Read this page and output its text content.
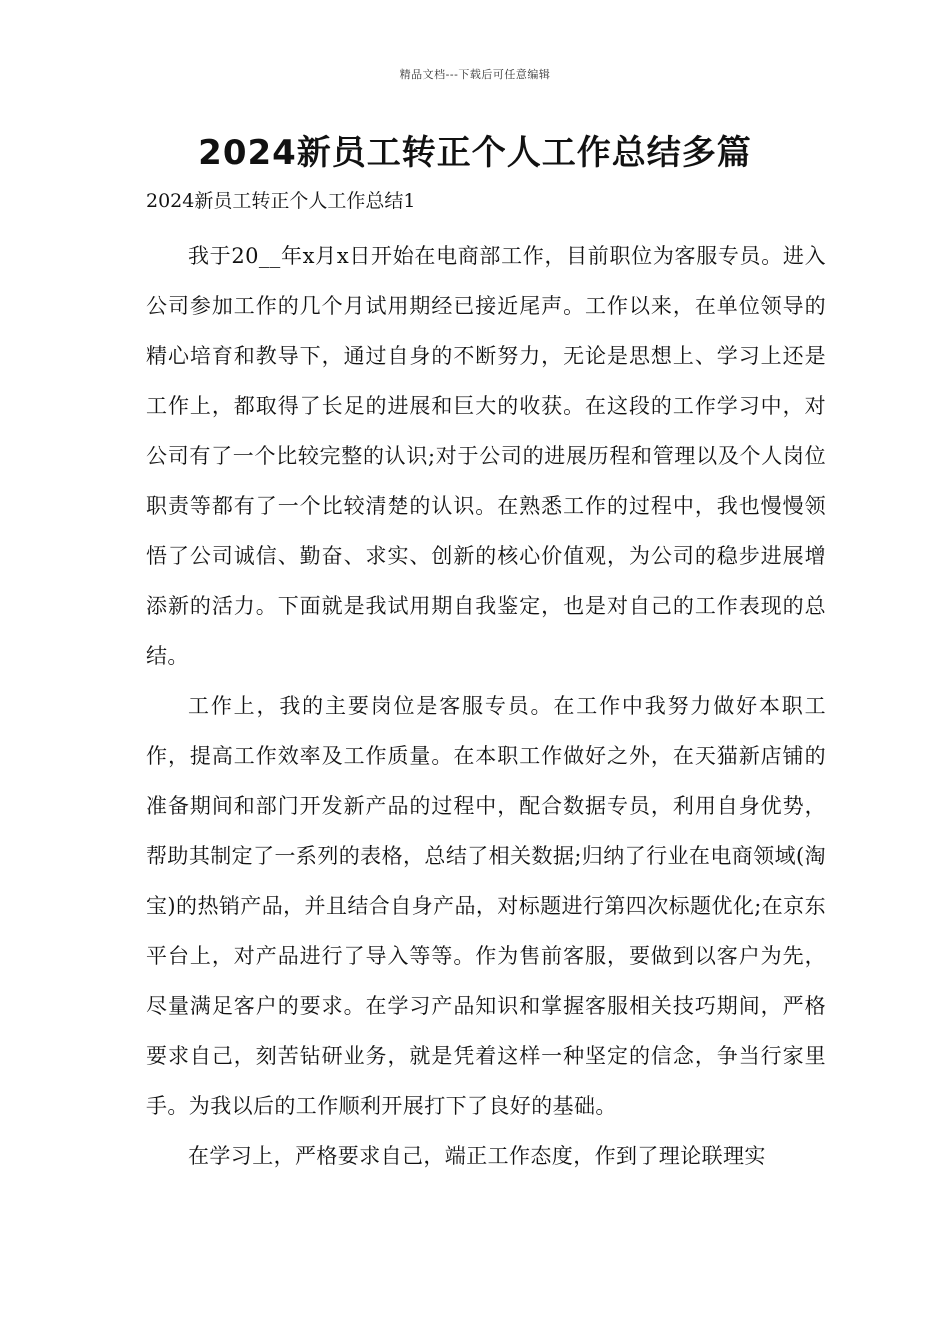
精品文档---下载后可任意编辑
2024新员工转正个人工作总结多篇

2024新员工转正个人工作总结1

我于20__年x月x日开始在电商部工作，目前职位为客服专员。进入公司参加工作的几个月试用期经已接近尾声。工作以来，在单位领导的精心培育和教导下，通过自身的不断努力，无论是思想上、学习上还是工作上，都取得了长足的进展和巨大的收获。在这段的工作学习中，对公司有了一个比较完整的认识;对于公司的进展历程和管理以及个人岗位职责等都有了一个比较清楚的认识。在熟悉工作的过程中，我也慢慢领悟了公司诚信、勤奋、求实、创新的核心价值观，为公司的稳步进展增添新的活力。下面就是我试用期自我鉴定，也是对自己的工作表现的总结。

工作上，我的主要岗位是客服专员。在工作中我努力做好本职工作，提高工作效率及工作质量。在本职工作做好之外，在天猫新店铺的准备期间和部门开发新产品的过程中，配合数据专员，利用自身优势，帮助其制定了一系列的表格，总结了相关数据;归纳了行业在电商领域(淘宝)的热销产品，并且结合自身产品，对标题进行第四次标题优化;在京东平台上，对产品进行了导入等等。作为售前客服，要做到以客户为先，尽量满足客户的要求。在学习产品知识和掌握客服相关技巧期间，严格要求自己，刻苦钻研业务，就是凭着这样一种坚定的信念，争当行家里手。为我以后的工作顺利开展打下了良好的基础。

在学习上，严格要求自己，端正工作态度，作到了理论联理实
